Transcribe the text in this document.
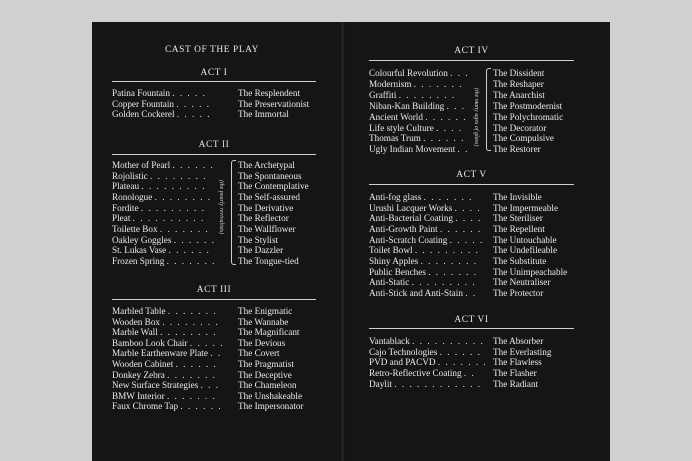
CAST OF THE PLAY
ACT I
Patina Fountain . . . . .	The Resplendent
Copper Fountain . . . . .	The Preservationist
Golden Cockerel . . . . .	The Immortal
ACT II
Mother of Pearl . . . . . .	The Archetypal
Rojolistic . . . . . . . .	The Spontaneous
Plateau . . . . . . . . .	The Contemplative
Ronologue . . . . . . . .	The Self-assured
Fordite . . . . . . . . .	The Derivative
Pleat . . . . . . . . . .	The Reflector
Toilette Box . . . . . . .	The Wallflower
Oakley Goggles . . . . . . The Stylist
St. Lukas Vase . . . . . .	The Dazzler
Frozen Spring . . . . . . . The Tongue-tied
(the pearly revivalists)
ACT III
Marbled Table . . . . . . . The Enigmatic
Wooden Box . . . . . . . . The Wannabe
Marble Wall . . . . . . . . The Magnificant
Bamboo Look Chair . . . . . The Devious
Marble Earthenware Plate . . The Covert
Wooden Cabinet . . . . . . The Pragmatist
Donkey Zebra . . . . . . . The Deceptive
New Surface Strategies . . . The Chameleon
BMW Interior . . . . . . . The Unshakeable
Faux Chrome Tap . . . . . . The Impersonator
ACT IV
Colourful Revolution . . .	The Dissident
Modernism . . . . . . .	The Reshaper
Graffiti . . . . . . . .	The Anarchist
Niban-Kan Building . . .	The Postmodernist
Ancient World . . . . . .	The Polychromatic
Life style Culture . . . .	The Decorator
Thomas Trum . . . . . .	The Compulsive
Ugly Indian Movement . .	The Restorer
(the many ages of glass)
ACT V
Anti-fog glass . . . . . . . The Invisible
Urushi Lacquer Works . . . . The Impermeable
Anti-Bacterial Coating . . . . The Steriliser
Anti-Growth Paint . . . . . . The Repellent
Anti-Scratch Coating . . . . . The Untouchable
Toilet Bowl . . . . . . . . . The Undefileable
Shiny Apples . . . . . . . . The Substitute
Public Benches . . . . . . . The Unimpeachable
Anti-Static . . . . . . . . . The Neutraliser
Anti-Stick and Anti-Stain . . The Protector
ACT VI
Vantablack . . . . . . . . . . The Absorber
Cajo Technologies . . . . . . The Everlasting
PVD and PACVD . . . . . . . The Flawless
Retro-Reflective Coating . . The Flasher
Daylit . . . . . . . . . . . . The Radiant
